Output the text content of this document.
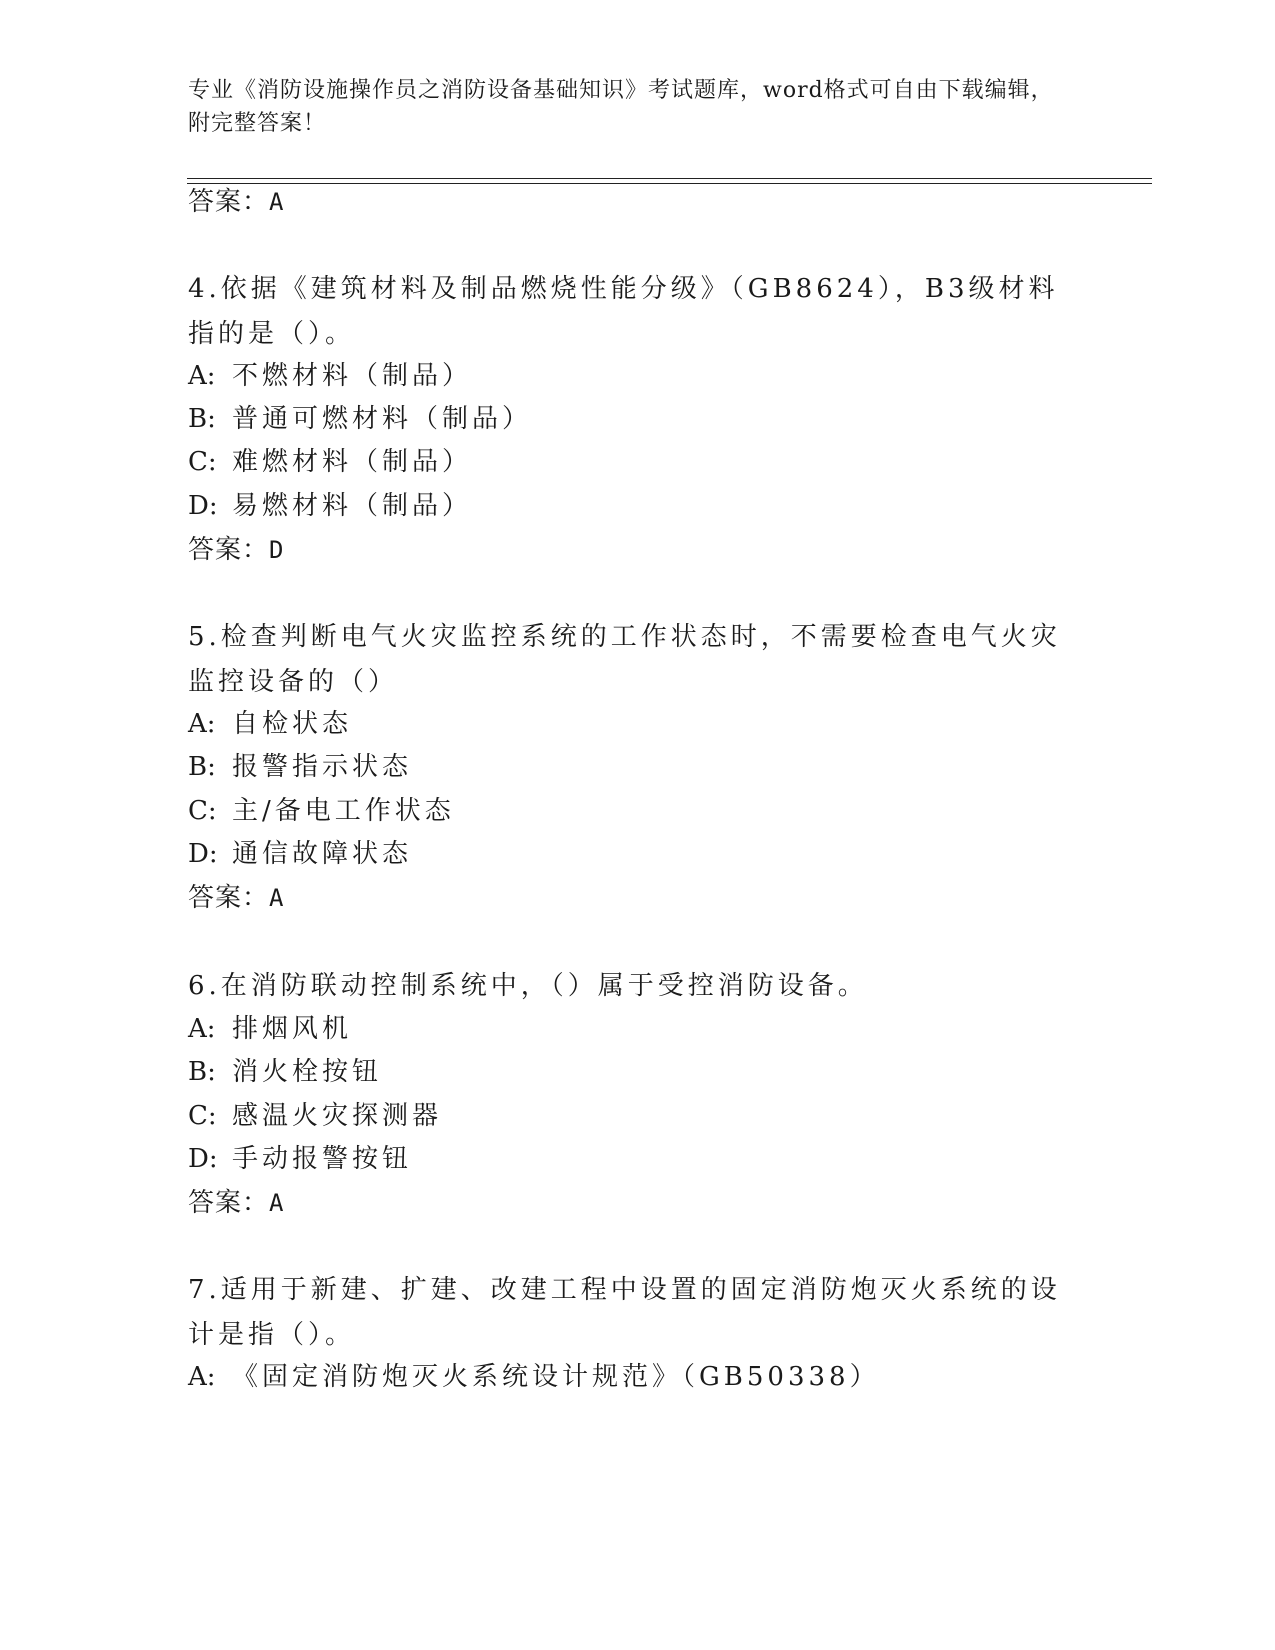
专业《消防设施操作员之消防设备基础知识》考试题库，word格式可自由下载编辑，附完整答案！
答案：A
4.依据《建筑材料及制品燃烧性能分级》（GB8624），B3级材料指的是（）。
A: 不燃材料（制品）
B: 普通可燃材料（制品）
C: 难燃材料（制品）
D: 易燃材料（制品）
答案：D
5.检查判断电气火灾监控系统的工作状态时，不需要检查电气火灾监控设备的（）
A: 自检状态
B: 报警指示状态
C: 主/备电工作状态
D: 通信故障状态
答案：A
6.在消防联动控制系统中，（）属于受控消防设备。
A: 排烟风机
B: 消火栓按钮
C: 感温火灾探测器
D: 手动报警按钮
答案：A
7.适用于新建、扩建、改建工程中设置的固定消防炮灭火系统的设计是指（）。
A: 《固定消防炮灭火系统设计规范》（GB50338）
